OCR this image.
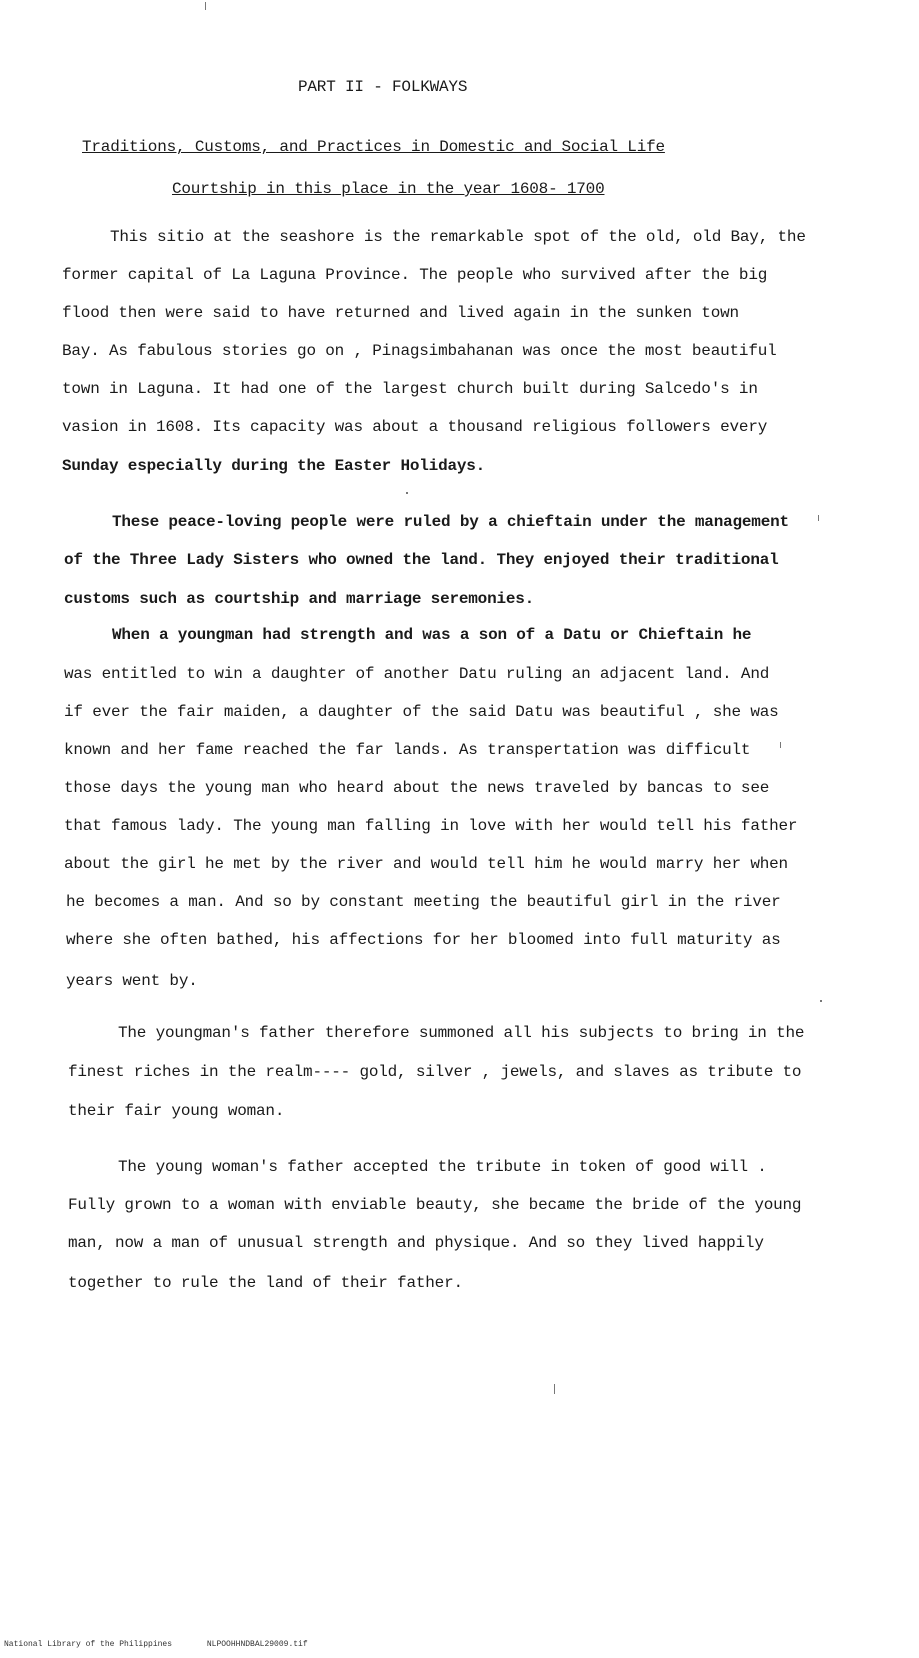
PART II - FOLKWAYS
Traditions, Customs, and Practices in Domestic and Social Life
Courtship in this place in the year 1608- 1700
This sitio at the seashore is the remarkable spot of the old, old Bay, the
former capital of La Laguna Province. The people who survived after the big
flood then were said to have returned and lived again in the sunken town
Bay. As fabulous stories go on , Pinagsimbahanan was once the most beautiful
town in Laguna. It had one of the largest church built during Salcedo's in
vasion in 1608. Its capacity was about a thousand religious followers every
Sunday especially during the Easter Holidays.
These peace-loving people were ruled by a chieftain under the management
of the Three Lady Sisters who owned the land. They enjoyed their traditional
customs such as courtship and marriage seremonies.
When a youngman had strength and was a son of a Datu or Chieftain he
was entitled to win a daughter of another Datu ruling an adjacent land. And
if ever the fair maiden, a daughter of the said Datu was beautiful , she was
known and her fame reached the far lands. As transpertation was difficult
those days the young man who heard about the news traveled by bancas to see
that famous lady. The young man falling in love with her would tell his father
about the girl he met by the river and would tell him he would marry her when
he becomes a man. And so by constant meeting the beautiful girl in the river
where she often bathed, his affections for her bloomed into full maturity as
years went by.
The youngman's father therefore summoned all his subjects to bring in the
finest riches in the realm---- gold, silver , jewels, and slaves as tribute to
their fair young woman.
The young woman's father accepted the tribute in token of good will .
Fully grown to a woman with enviable beauty, she became the bride of the young
man, now a man of unusual strength and physique. And so they lived happily
together to rule the land of their father.
National Library of the Philippines	NLPOOHHNDBAL29009.tif
